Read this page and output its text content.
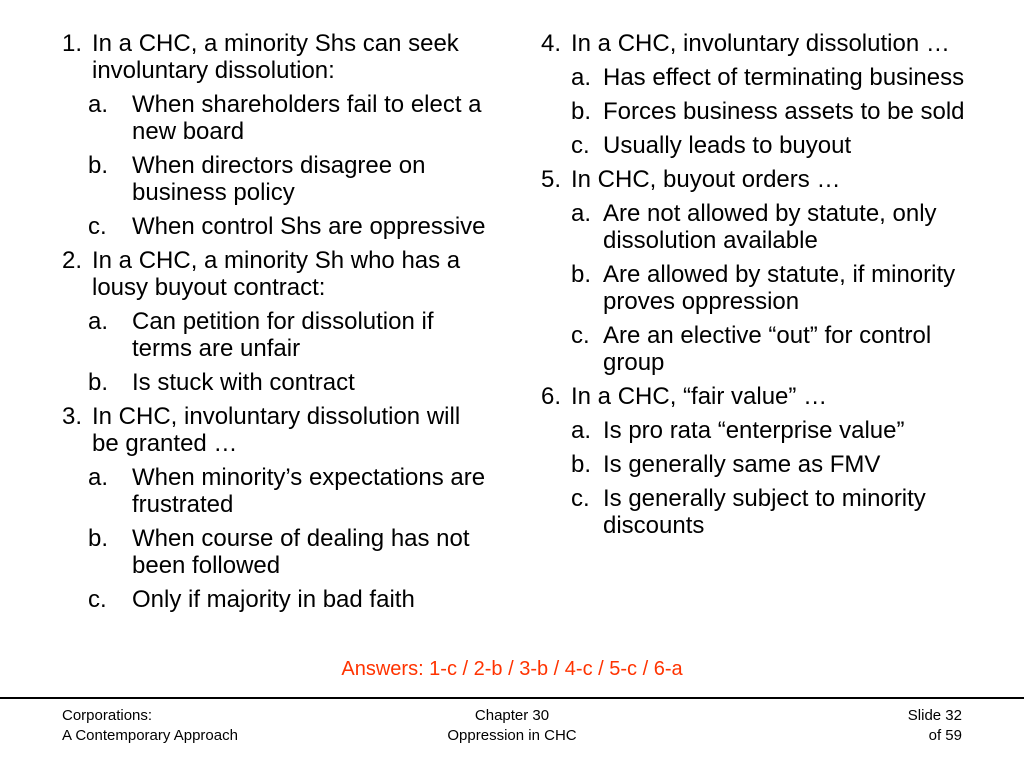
1. In a CHC, a minority Shs can seek involuntary dissolution:
a. When shareholders fail to elect a new board
b. When directors disagree on business policy
c. When control Shs are oppressive
2. In a CHC, a minority Sh who has a lousy buyout contract:
a. Can petition for dissolution if terms are unfair
b. Is stuck with contract
3. In CHC, involuntary dissolution will be granted …
a. When minority’s expectations are frustrated
b. When course of dealing has not been followed
c. Only if majority in bad faith
4. In a CHC, involuntary dissolution …
a. Has effect of terminating business
b. Forces business assets to be sold
c. Usually leads to buyout
5. In CHC, buyout orders …
a. Are not allowed by statute, only dissolution available
b. Are allowed by statute, if minority proves oppression
c. Are an elective “out” for control group
6. In a CHC, “fair value” …
a. Is pro rata “enterprise value”
b. Is generally same as FMV
c. Is generally subject to minority discounts
Answers: 1-c / 2-b / 3-b / 4-c / 5-c / 6-a
Corporations:
A Contemporary Approach
Chapter 30
Oppression in CHC
Slide 32
of 59
